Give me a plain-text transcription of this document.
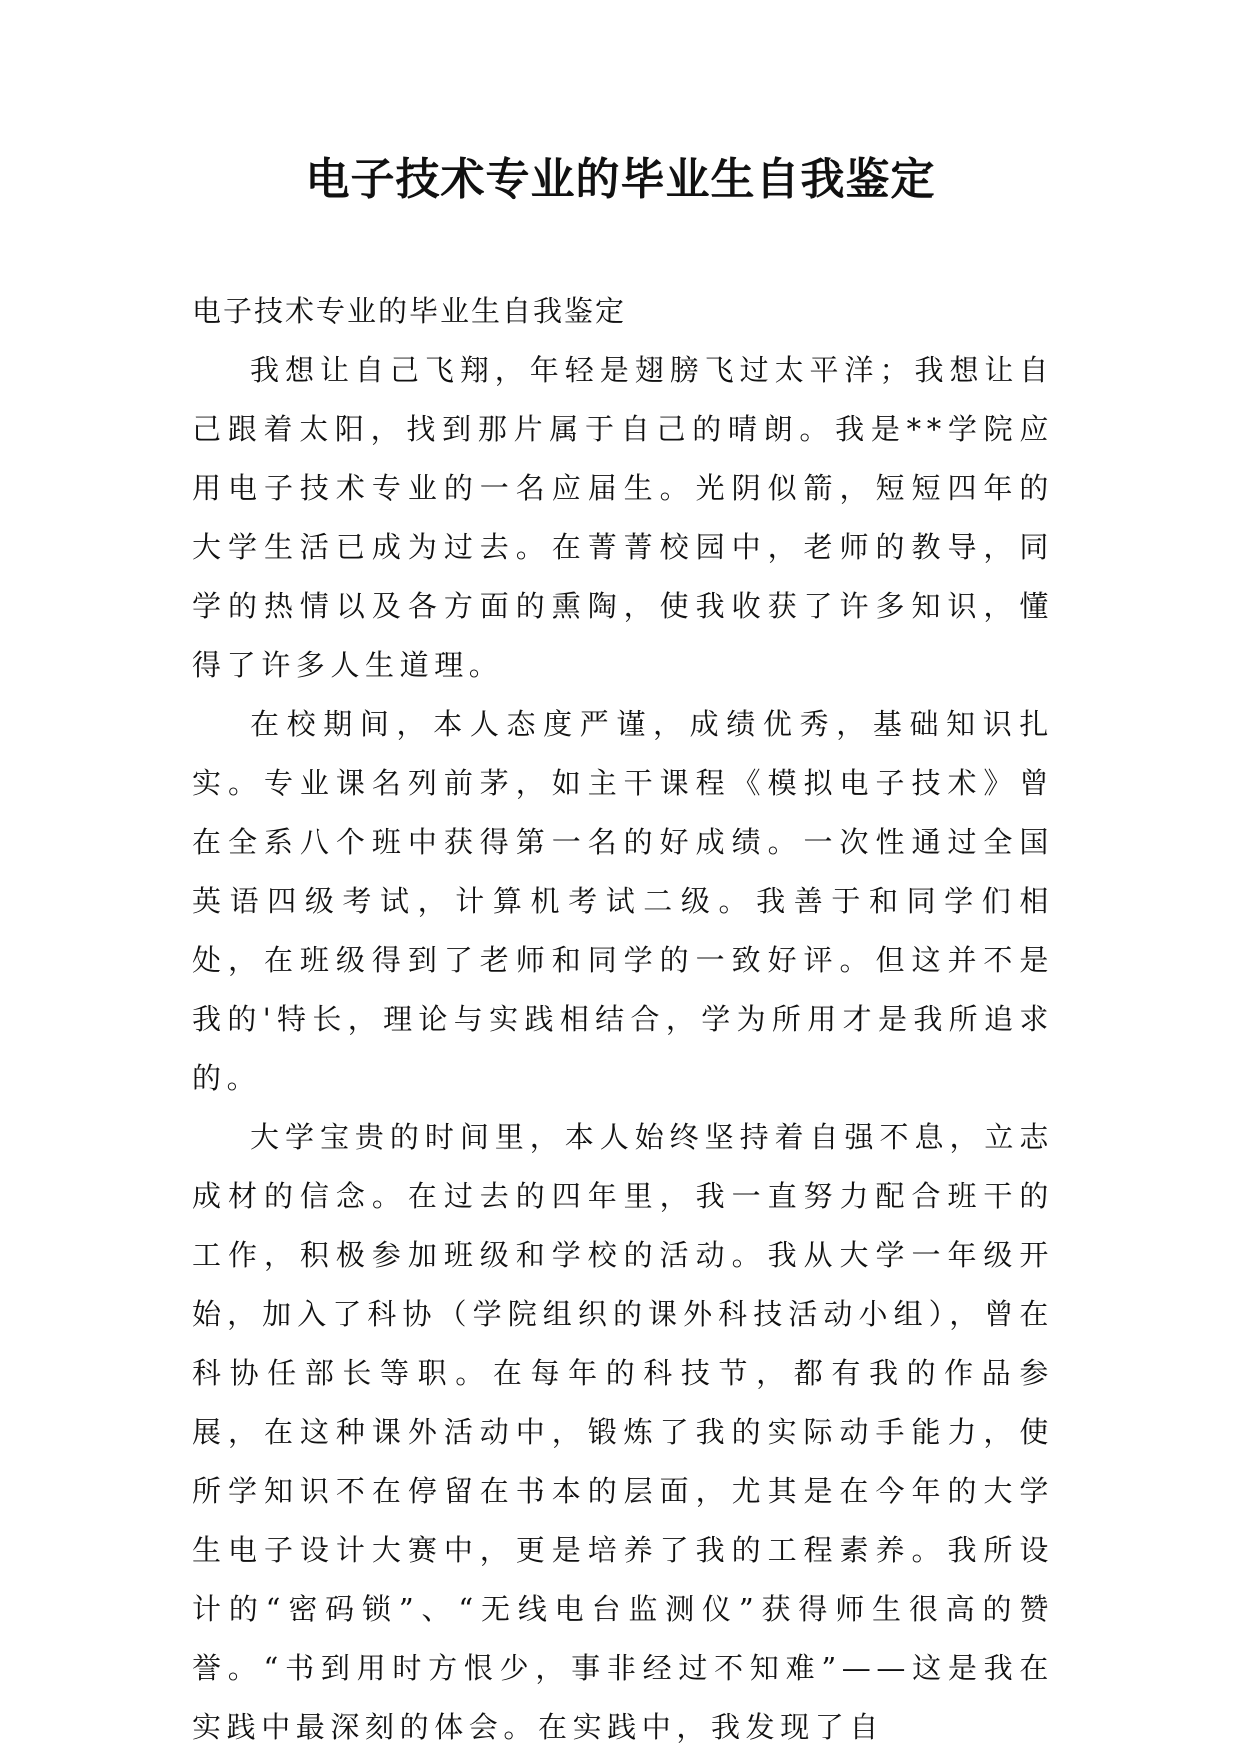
电子技术专业的毕业生自我鉴定

电子技术专业的毕业生自我鉴定

我想让自己飞翔，年轻是翅膀飞过太平洋；我想让自己跟着太阳，找到那片属于自己的晴朗。我是**学院应用电子技术专业的一名应届生。光阴似箭，短短四年的大学生活已成为过去。在菁菁校园中，老师的教导，同学的热情以及各方面的熏陶，使我收获了许多知识，懂得了许多人生道理。

在校期间，本人态度严谨，成绩优秀，基础知识扎实。专业课名列前茅，如主干课程《模拟电子技术》曾在全系八个班中获得第一名的好成绩。一次性通过全国英语四级考试，计算机考试二级。我善于和同学们相处，在班级得到了老师和同学的一致好评。但这并不是我的'特长，理论与实践相结合，学为所用才是我所追求的。

大学宝贵的时间里，本人始终坚持着自强不息，立志成材的信念。在过去的四年里，我一直努力配合班干的工作，积极参加班级和学校的活动。我从大学一年级开始，加入了科协（学院组织的课外科技活动小组），曾在科协任部长等职。在每年的科技节，都有我的作品参展，在这种课外活动中，锻炼了我的实际动手能力，使所学知识不在停留在书本的层面，尤其是在今年的大学生电子设计大赛中，更是培养了我的工程素养。我所设计的“密码锁”、“无线电台监测仪”获得师生很高的赞誉。“书到用时方恨少，事非经过不知难”——这是我在实践中最深刻的体会。在实践中，我发现了自
